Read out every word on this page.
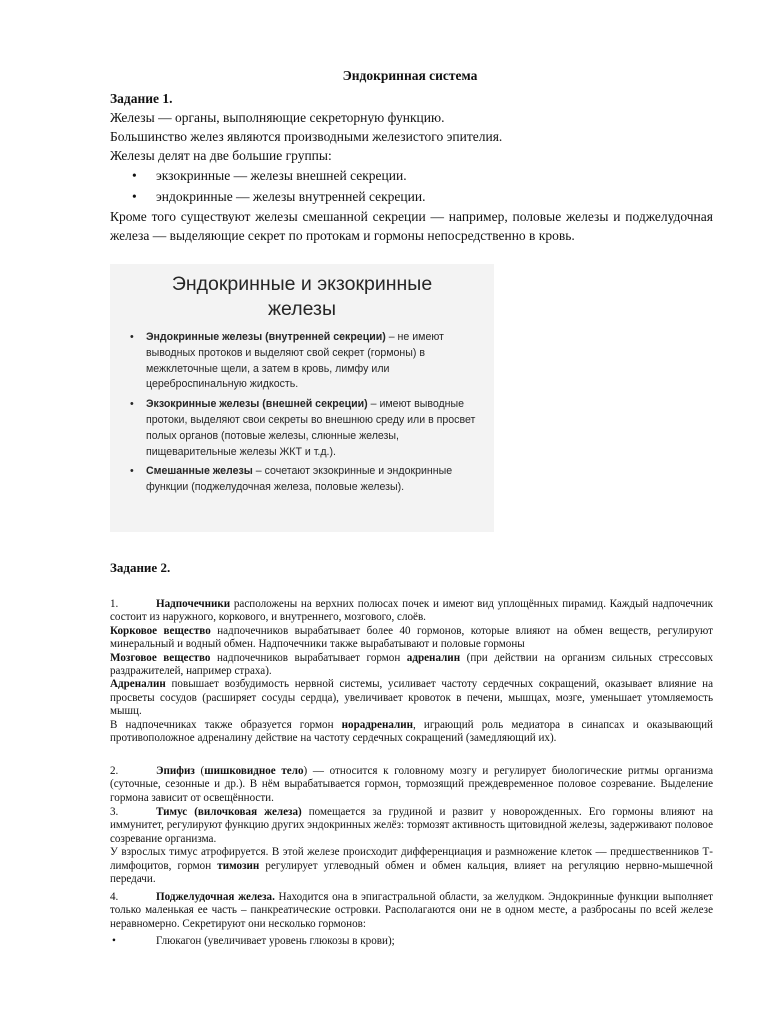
Эндокринная система
Задание 1.
Железы — органы, выполняющие секреторную функцию.
Большинство желез являются производными железистого эпителия.
Железы делят на две большие группы:
• экзокринные — железы внешней секреции.
• эндокринные — железы внутренней секреции.
Кроме того существуют железы смешанной секреции — например, половые железы и поджелудочная железа — выделяющие секрет по протокам и гормоны непосредственно в кровь.
Эндокринные и экзокринные
железы
• Эндокринные железы (внутренней секреции) – не имеют выводных протоков и выделяют свой секрет (гормоны) в межклеточные щели, а затем в кровь, лимфу или цереброспинальную жидкость.
• Экзокринные железы (внешней секреции) – имеют выводные протоки, выделяют свои секреты во внешнюю среду или в просвет полых органов (потовые железы, слюнные железы, пищеварительные железы ЖКТ и т.д.).
• Смешанные железы – сочетают экзокринные и эндокринные функции (поджелудочная железа, половые железы).
Задание 2.
1.	Надпочечники расположены на верхних полюсах почек и имеют вид уплощённых пирамид. Каждый надпочечник состоит из наружного, коркового, и внутреннего, мозгового, слоёв.
Корковое вещество надпочечников вырабатывает более 40 гормонов, которые влияют на обмен веществ, регулируют минеральный и водный обмен. Надпочечники также вырабатывают и половые гормоны
Мозговое вещество надпочечников вырабатывает гормон адреналин (при действии на организм сильных стрессовых раздражителей, например страха).
Адреналин повышает возбудимость нервной системы, усиливает частоту сердечных сокращений, оказывает влияние на просветы сосудов (расширяет сосуды сердца), увеличивает кровоток в печени, мышцах, мозге, уменьшает утомляемость мышц.
В надпочечниках также образуется гормон норадреналин, играющий роль медиатора в синапсах и оказывающий противоположное адреналину действие на частоту сердечных сокращений (замедляющий их).
2.	Эпифиз (шишковидное тело) — относится к головному мозгу и регулирует биологические ритмы организма (суточные, сезонные и др.). В нём вырабатывается гормон, тормозящий преждевременное половое созревание. Выделение гормона зависит от освещённости.
3.	Тимус (вилочковая железа) помещается за грудиной и развит у новорожденных. Его гормоны влияют на иммунитет, регулируют функцию других эндокринных желёз: тормозят активность щитовидной железы, задерживают половое созревание организма.
У взрослых тимус атрофируется. В этой железе происходит дифференциация и размножение клеток — предшественников Т-лимфоцитов, гормон тимозин регулирует углеводный обмен и обмен кальция, влияет на регуляцию нервно-мышечной передачи.
4.	Поджелудочная железа. Находится она в эпигастральной области, за желудком. Эндокринные функции выполняет только маленькая ее часть – панкреатические островки. Располагаются они не в одном месте, а разбросаны по всей железе неравномерно. Секретируют они несколько гормонов:
•	Глюкагон (увеличивает уровень глюкозы в крови);
